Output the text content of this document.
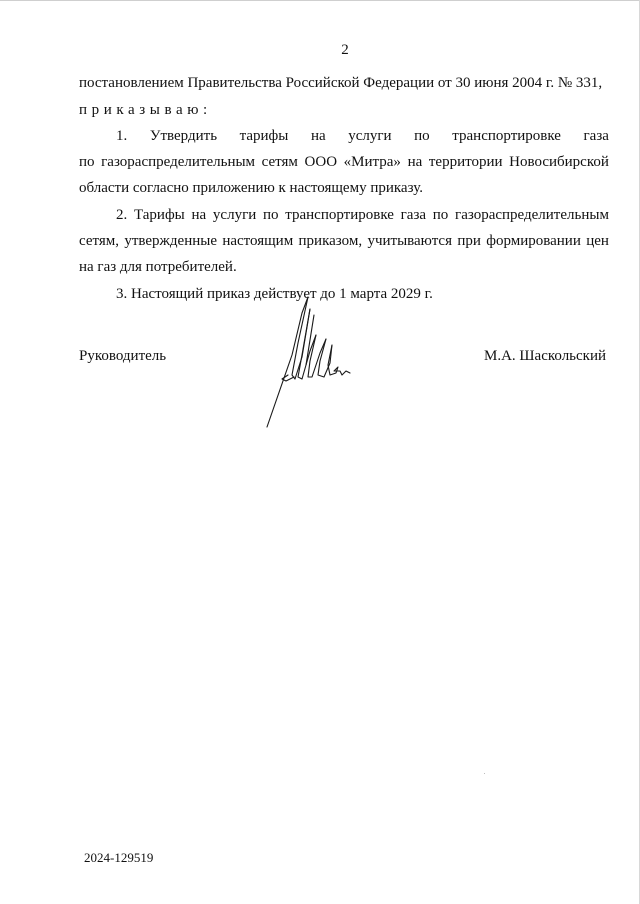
2
постановлением Правительства Российской Федерации от 30 июня 2004 г. № 331,
приказываю:
1. Утвердить тарифы на услуги по транспортировке газа
по газораспределительным сетям ООО «Митра» на территории Новосибирской
области согласно приложению к настоящему приказу.
2. Тарифы на услуги по транспортировке газа по газораспределительным
сетям, утвержденные настоящим приказом, учитываются при формировании цен
на газ для потребителей.
3. Настоящий приказ действует до 1 марта 2029 г.
Руководитель	М.А. Шаскольский
2024-129519
